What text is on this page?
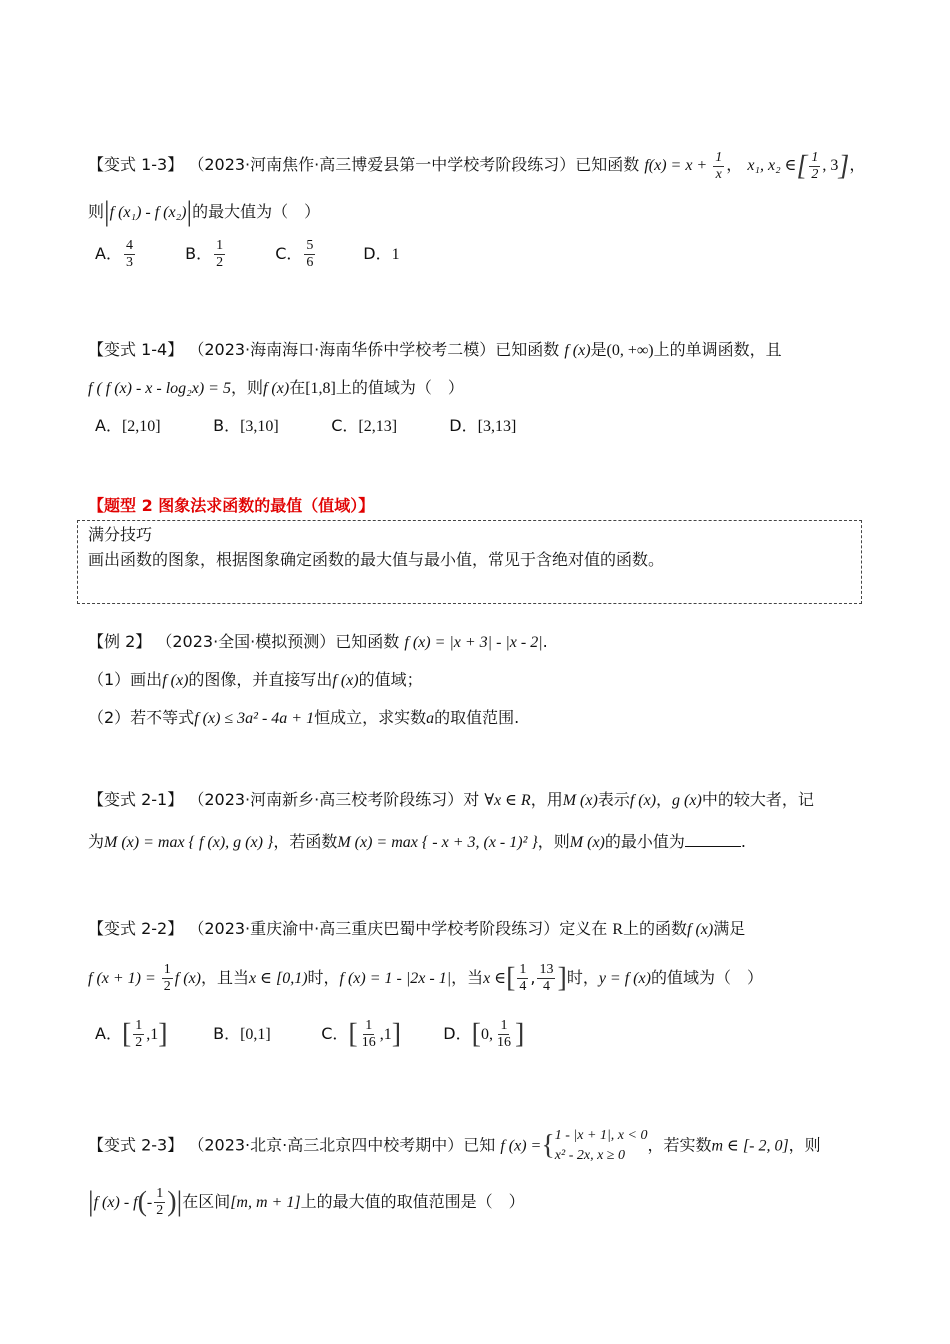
【变式 1-3】 （2023·河南焦作·高三博爱县第一中学校考阶段练习）已知函数 $f(x) = x + \frac{1}{x}$ ， x₁, x₂ ∈[ $\frac{1}{2}$ , 3]，
则|f (x₁) - f (x₂)|的最大值为（　）
A． $\frac{4}{3}$	B． $\frac{1}{2}$	C． $\frac{5}{6}$	D．1
【变式 1-4】 （2023·海南海口·海南华侨中学校考二模）已知函数 f (x)是(0, +∞)上的单调函数，且
f ( f (x) - x - log₂x) = 5，则f (x)在[1,8]上的值域为（　）
A．[2,10]	B．[3,10]	C．[2,13]	D．[3,13]
【题型 2 图象法求函数的最值（值域）】
满分技巧
画出函数的图象，根据图象确定函数的最大值与最小值，常见于含绝对值的函数。
【例 2】 （2023·全国·模拟预测）已知函数 f (x) = |x + 3| - |x - 2|.
（1）画出f (x)的图像，并直接写出f (x)的值域；
（2）若不等式f (x) ≤ 3a² - 4a + 1恒成立，求实数a的取值范围.
【变式 2-1】 （2023·河南新乡·高三校考阶段练习）对 ∀x ∈ R，用M (x)表示f (x)，g (x)中的较大者，记
为M (x) = max { f (x), g (x) }，若函数M (x) = max { - x + 3, (x - 1)² }，则M (x)的最小值为	.
【变式 2-2】 （2023·重庆渝中·高三重庆巴蜀中学校考阶段练习）定义在 R上的函数f (x)满足
f $(x + 1) = \frac{1}{2}$ f (x)，且当x ∈ [0,1)时，f (x) = 1 - |2x - 1|，当x ∈[ $\frac{1}{4}$ , $\frac{13}{4}$ ]时，y = f (x)的值域为（　）
A．[ $\frac{1}{2} ,1$]	B．[0,1]	C．[ $\frac{1}{16} ,1$]	D．[0, $\frac{1}{16}$ ]
【变式 2-3】 （2023·北京·高三北京四中校考期中）已知 f (x) ={ 1 - |x + 1|, x < 0
x² - 2x, x ≥ 0
，若实数m ∈ [- 2, 0]，则
|f $(x) - f(- \frac{1}{2}$ )|在区间[m, m + 1]上的最大值的取值范围是（　）
